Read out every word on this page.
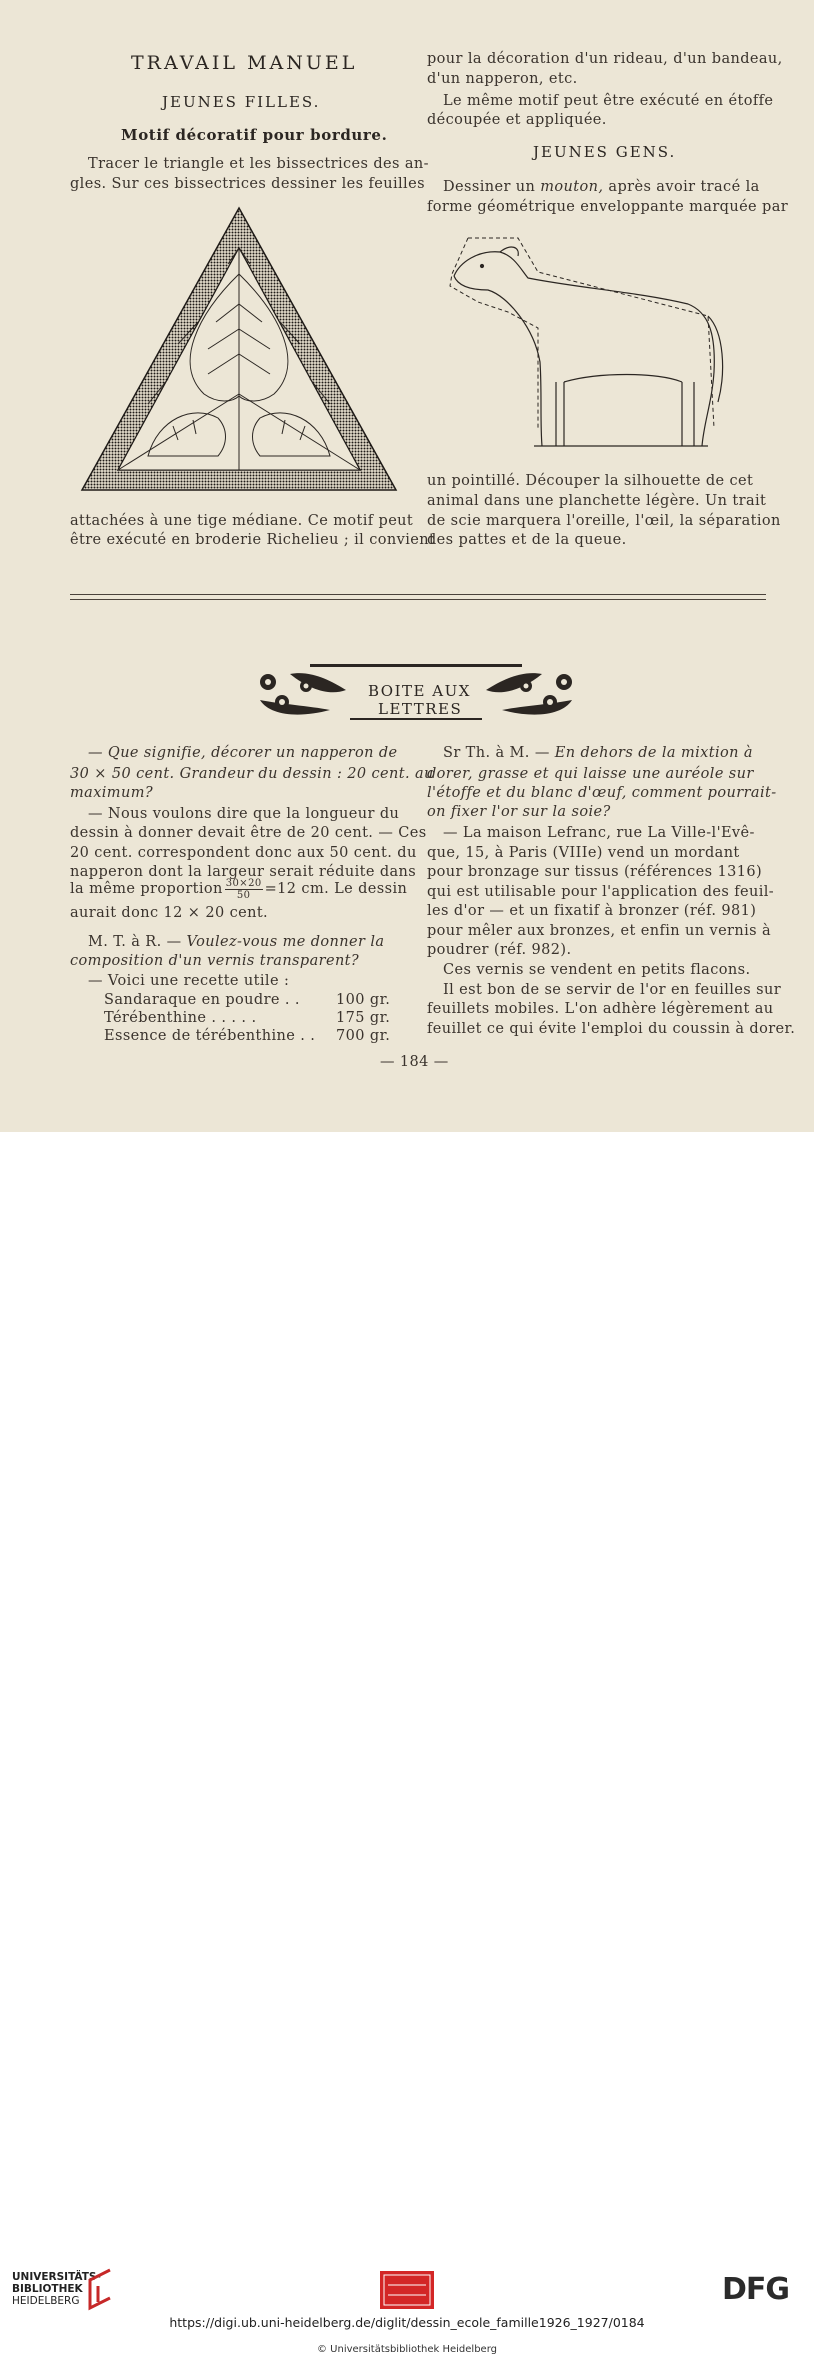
TRAVAIL MANUEL
JEUNES FILLES.
Motif décoratif pour bordure.
Tracer le triangle et les bissectrices des an-
gles. Sur ces bissectrices dessiner les feuilles
attachées à une tige médiane. Ce motif peut
être exécuté en broderie Richelieu ; il convient
pour la décoration d'un rideau, d'un bandeau,
d'un napperon, etc.
Le même motif peut être exécuté en étoffe
découpée et appliquée.
JEUNES GENS.
Dessiner un mouton, après avoir tracé la
forme géométrique enveloppante marquée par
un pointillé. Découper la silhouette de cet
animal dans une planchette légère. Un trait
de scie marquera l'oreille, l'œil, la séparation
des pattes et de la queue.
BOITE AUX
LETTRES
— Que signifie, décorer un napperon de
30 × 50 cent. Grandeur du dessin : 20 cent. au
maximum?
— Nous voulons dire que la longueur du
dessin à donner devait être de 20 cent. — Ces
20 cent. correspondent donc aux 50 cent. du
napperon dont la largeur serait réduite dans
la même proportion $\frac{30\times 20}{50} =12$ cm. Le dessin
aurait donc 12 × 20 cent.
M. T. à R. — Voulez-vous me donner la
composition d'un vernis transparent?
— Voici une recette utile :
Sandaraque en poudre . . 100 gr.
Térébenthine . . . . .	175 gr.
Essence de térébenthine . . 700 gr.
Sr Th. à M. — En dehors de la mixtion à
dorer, grasse et qui laisse une auréole sur
l'étoffe et du blanc d'œuf, comment pourrait-
on fixer l'or sur la soie?
— La maison Lefranc, rue La Ville-l'Evê-
que, 15, à Paris (VIIIe) vend un mordant
pour bronzage sur tissus (références 1316)
qui est utilisable pour l'application des feuil-
les d'or — et un fixatif à bronzer (réf. 981)
pour mêler aux bronzes, et enfin un vernis à
poudrer (réf. 982).
Ces vernis se vendent en petits flacons.
Il est bon de se servir de l'or en feuilles sur
feuillets mobiles. L'on adhère légèrement au
feuillet ce qui évite l'emploi du coussin à dorer.
— 184 —
UNIVERSITÄTS-
BIBLIOTHEK
HEIDELBERG	DFG
https://digi.ub.uni-heidelberg.de/diglit/dessin_ecole_famille1926_1927/0184
© Universitätsbibliothek Heidelberg
